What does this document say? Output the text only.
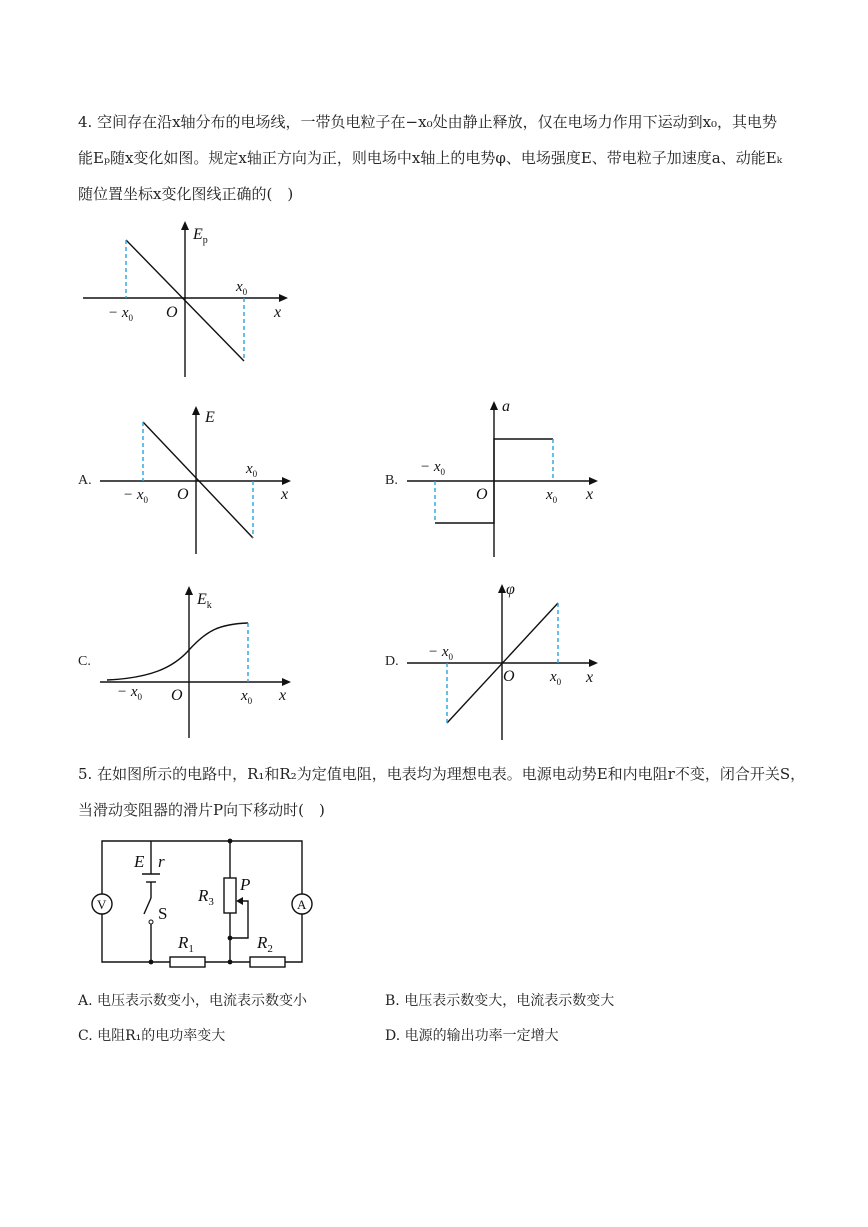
4. 空间存在沿x轴分布的电场线，一带负电粒子在−x₀处由静止释放，仅在电场力作用下运动到x₀，其电势
能Eₚ随x变化如图。规定x轴正方向为正，则电场中x轴上的电势φ、电场强度E、带电粒子加速度a、动能Eₖ
随位置坐标x变化图线正确的(　)
$E_p$
x
O
− $x_0$
$x_0$
A.
E
x
O
− $x_0$
$x_0$	B.
a
x
O
− $x_0$
$x_0$
C.
$E_k$
x
O
− $x_0$	$x_0$
D.
φ
x
O
− $x_0$
$x_0$
5. 在如图所示的电路中，R₁和R₂为定值电阻，电表均为理想电表。电源电动势E和内电阻r不变，闭合开关S，
当滑动变阻器的滑片P向下移动时(　)
V	A
E r
S
$R_3$
P
$R_1$	$R_2$
A. 电压表示数变小，电流表示数变小	B. 电压表示数变大，电流表示数变大
C. 电阻R₁的电功率变大	D. 电源的输出功率一定增大
